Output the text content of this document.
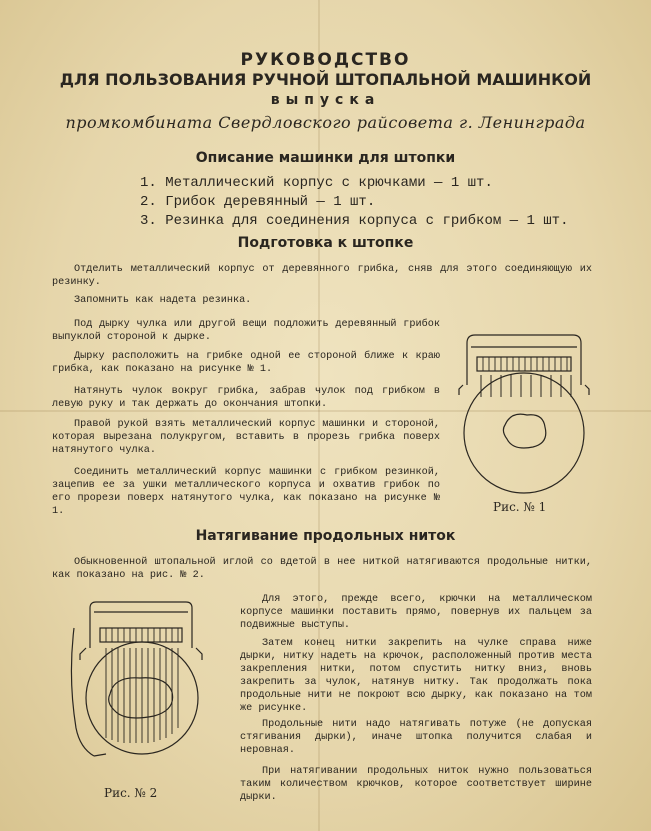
РУКОВОДСТВО
ДЛЯ ПОЛЬЗОВАНИЯ РУЧНОЙ ШТОПАЛЬНОЙ МАШИНКОЙ
выпуска
промкомбината Свердловского райсовета г. Ленинграда
Описание машинки для штопки
1. Металлический корпус с крючками — 1 шт.
2. Грибок деревянный — 1 шт.
3. Резинка для соединения корпуса с грибком — 1 шт.
Подготовка к штопке

Отделить металлический корпус от деревянного грибка, сняв для этого соединяющую их резинку.

Запомнить как надета резинка.

Под дырку чулка или другой вещи подложить деревянный грибок выпуклой стороной к дырке.

Дырку расположить на грибке одной ее стороной ближе к краю грибка, как показано на рисунке № 1.

Натянуть чулок вокруг грибка, забрав чулок под грибком в левую руку и так держать до окончания штопки.

Правой рукой взять металлический корпус машинки и стороной, которая вырезана полукругом, вставить в прорезь грибка поверх натянутого чулка.

Соединить металлический корпус машинки с грибком резинкой, зацепив ее за ушки металлического корпуса и охватив грибок по его прорези поверх натянутого чулка, как показано на рисунке № 1.	Рис. № 1
Натягивание продольных ниток

Обыкновенной штопальной иглой со вдетой в нее ниткой натягиваются продольные нитки, как показано на рис. № 2.

Для этого, прежде всего, крючки на металлическом корпусе машинки поставить прямо, повернув их пальцем за подвижные выступы.

Затем конец нитки закрепить на чулке справа ниже дырки, нитку надеть на крючок, расположенный против места закрепления нитки, потом спустить нитку вниз, вновь закрепить за чулок, натянув нитку. Так продолжать пока продольные нити не покроют всю дырку, как показано на том же рисунке.

Продольные нити надо натягивать потуже (не допуская стягивания дырки), иначе штопка получится слабая и неровная.

При натягивании продольных ниток нужно пользоваться таким количеством крючков, которое соответствует ширине дырки.

Рис. № 2
